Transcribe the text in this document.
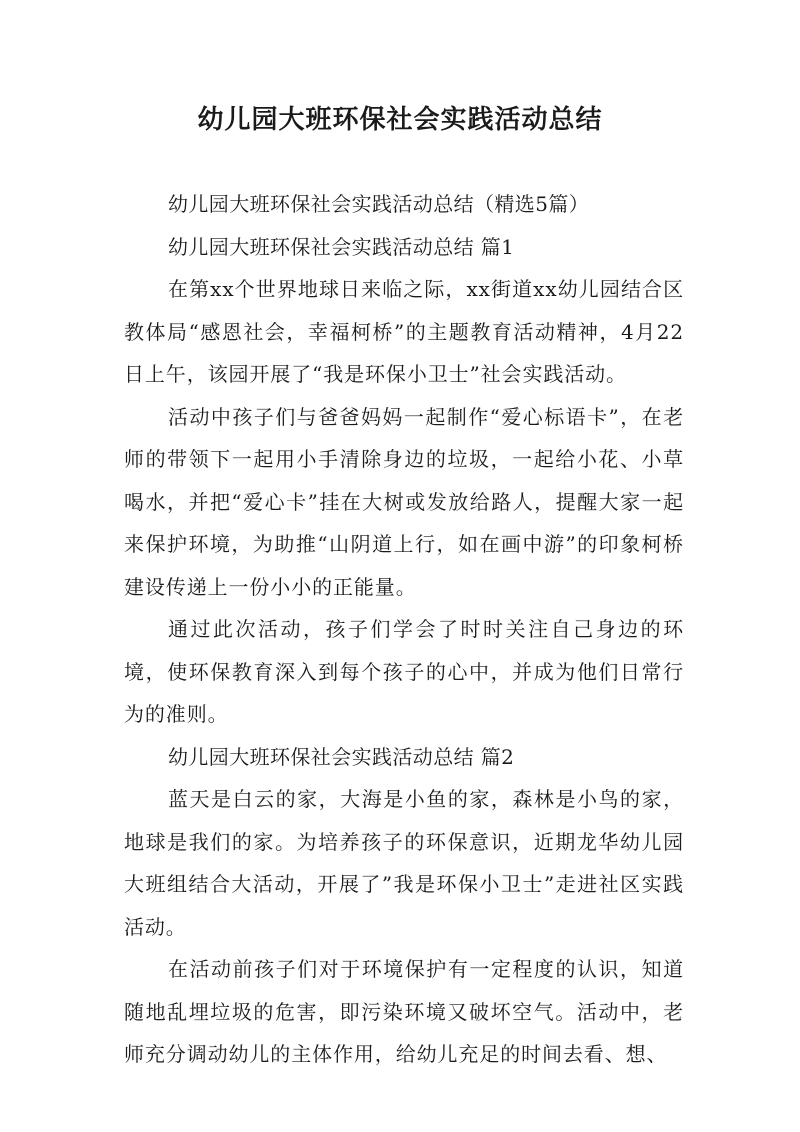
幼儿园大班环保社会实践活动总结

幼儿园大班环保社会实践活动总结（精选5篇）

幼儿园大班环保社会实践活动总结 篇1

在第xx个世界地球日来临之际，xx街道xx幼儿园结合区教体局“感恩社会，幸福柯桥”的主题教育活动精神，4月22日上午，该园开展了“我是环保小卫士”社会实践活动。

活动中孩子们与爸爸妈妈一起制作“爱心标语卡”，在老师的带领下一起用小手清除身边的垃圾，一起给小花、小草喝水，并把“爱心卡”挂在大树或发放给路人，提醒大家一起来保护环境，为助推“山阴道上行，如在画中游”的印象柯桥建设传递上一份小小的正能量。

通过此次活动，孩子们学会了时时关注自己身边的环境，使环保教育深入到每个孩子的心中，并成为他们日常行为的准则。

幼儿园大班环保社会实践活动总结 篇2

蓝天是白云的家，大海是小鱼的家，森林是小鸟的家，地球是我们的家。为培养孩子的环保意识，近期龙华幼儿园大班组结合大活动，开展了”我是环保小卫士”走进社区实践活动。

在活动前孩子们对于环境保护有一定程度的认识，知道随地乱埋垃圾的危害，即污染环境又破坏空气。活动中，老师充分调动幼儿的主体作用，给幼儿充足的时间去看、想、
